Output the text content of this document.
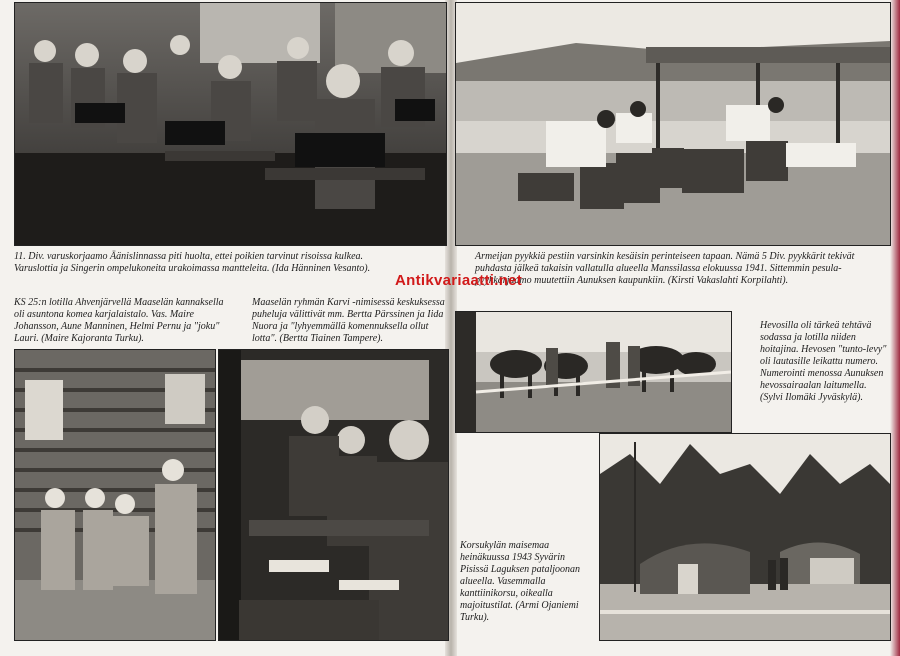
11. Div. varuskorjaamo Äänislinnassa piti huolta, ettei poikien tarvinut risoissa kulkea. Varuslottia ja Singerin ompelukoneita urakoimassa mantteleita. (Ida Hänninen Vesanto).

KS 25:n lotilla Ahvenjärvellä Maaselän kannaksella oli asuntona komea karjalaistalo. Vas. Maire Johansson, Aune Manninen, Helmi Pernu ja "joku" Lauri. (Maire Kajoranta Turku).

Maaselän ryhmän Karvi -nimisessä keskuksessa puheluja välittivät mm. Bertta Pärssinen ja Iida Nuora ja "lyhyemmällä komennuksella ollut lotta". (Bertta Tiainen Tampere).

Armeijan pyykkiä pestiin varsinkin kesäisin perinteiseen tapaan. Nämä 5 Div. pyykkärit tekivät puhdasta jälkeä takaisin vallatulla alueella Manssilassa elokuussa 1941. Sittemmin pesula-pyykkärjaamo muutettiin Aunuksen kaupunkiin. (Kirsti Vakaslahti Korpilahti).

Hevosilla oli tärkeä tehtävä sodassa ja lotilla niiden hoitajina. Hevosen "tunto-levy" oli lautasille leikattu numero. Numerointi menossa Aunuksen hevossairaalan laitumella. (Sylvi Ilomäki Jyväskylä).

Korsukylän maisemaa heinäkuussa 1943 Syvärin Pisissä Laguksen pataljoonan alueella. Vasemmalla kanttiinikorsu, oikealla majoitustilat. (Armi Ojaniemi Turku).

Antikvariaatti.net
